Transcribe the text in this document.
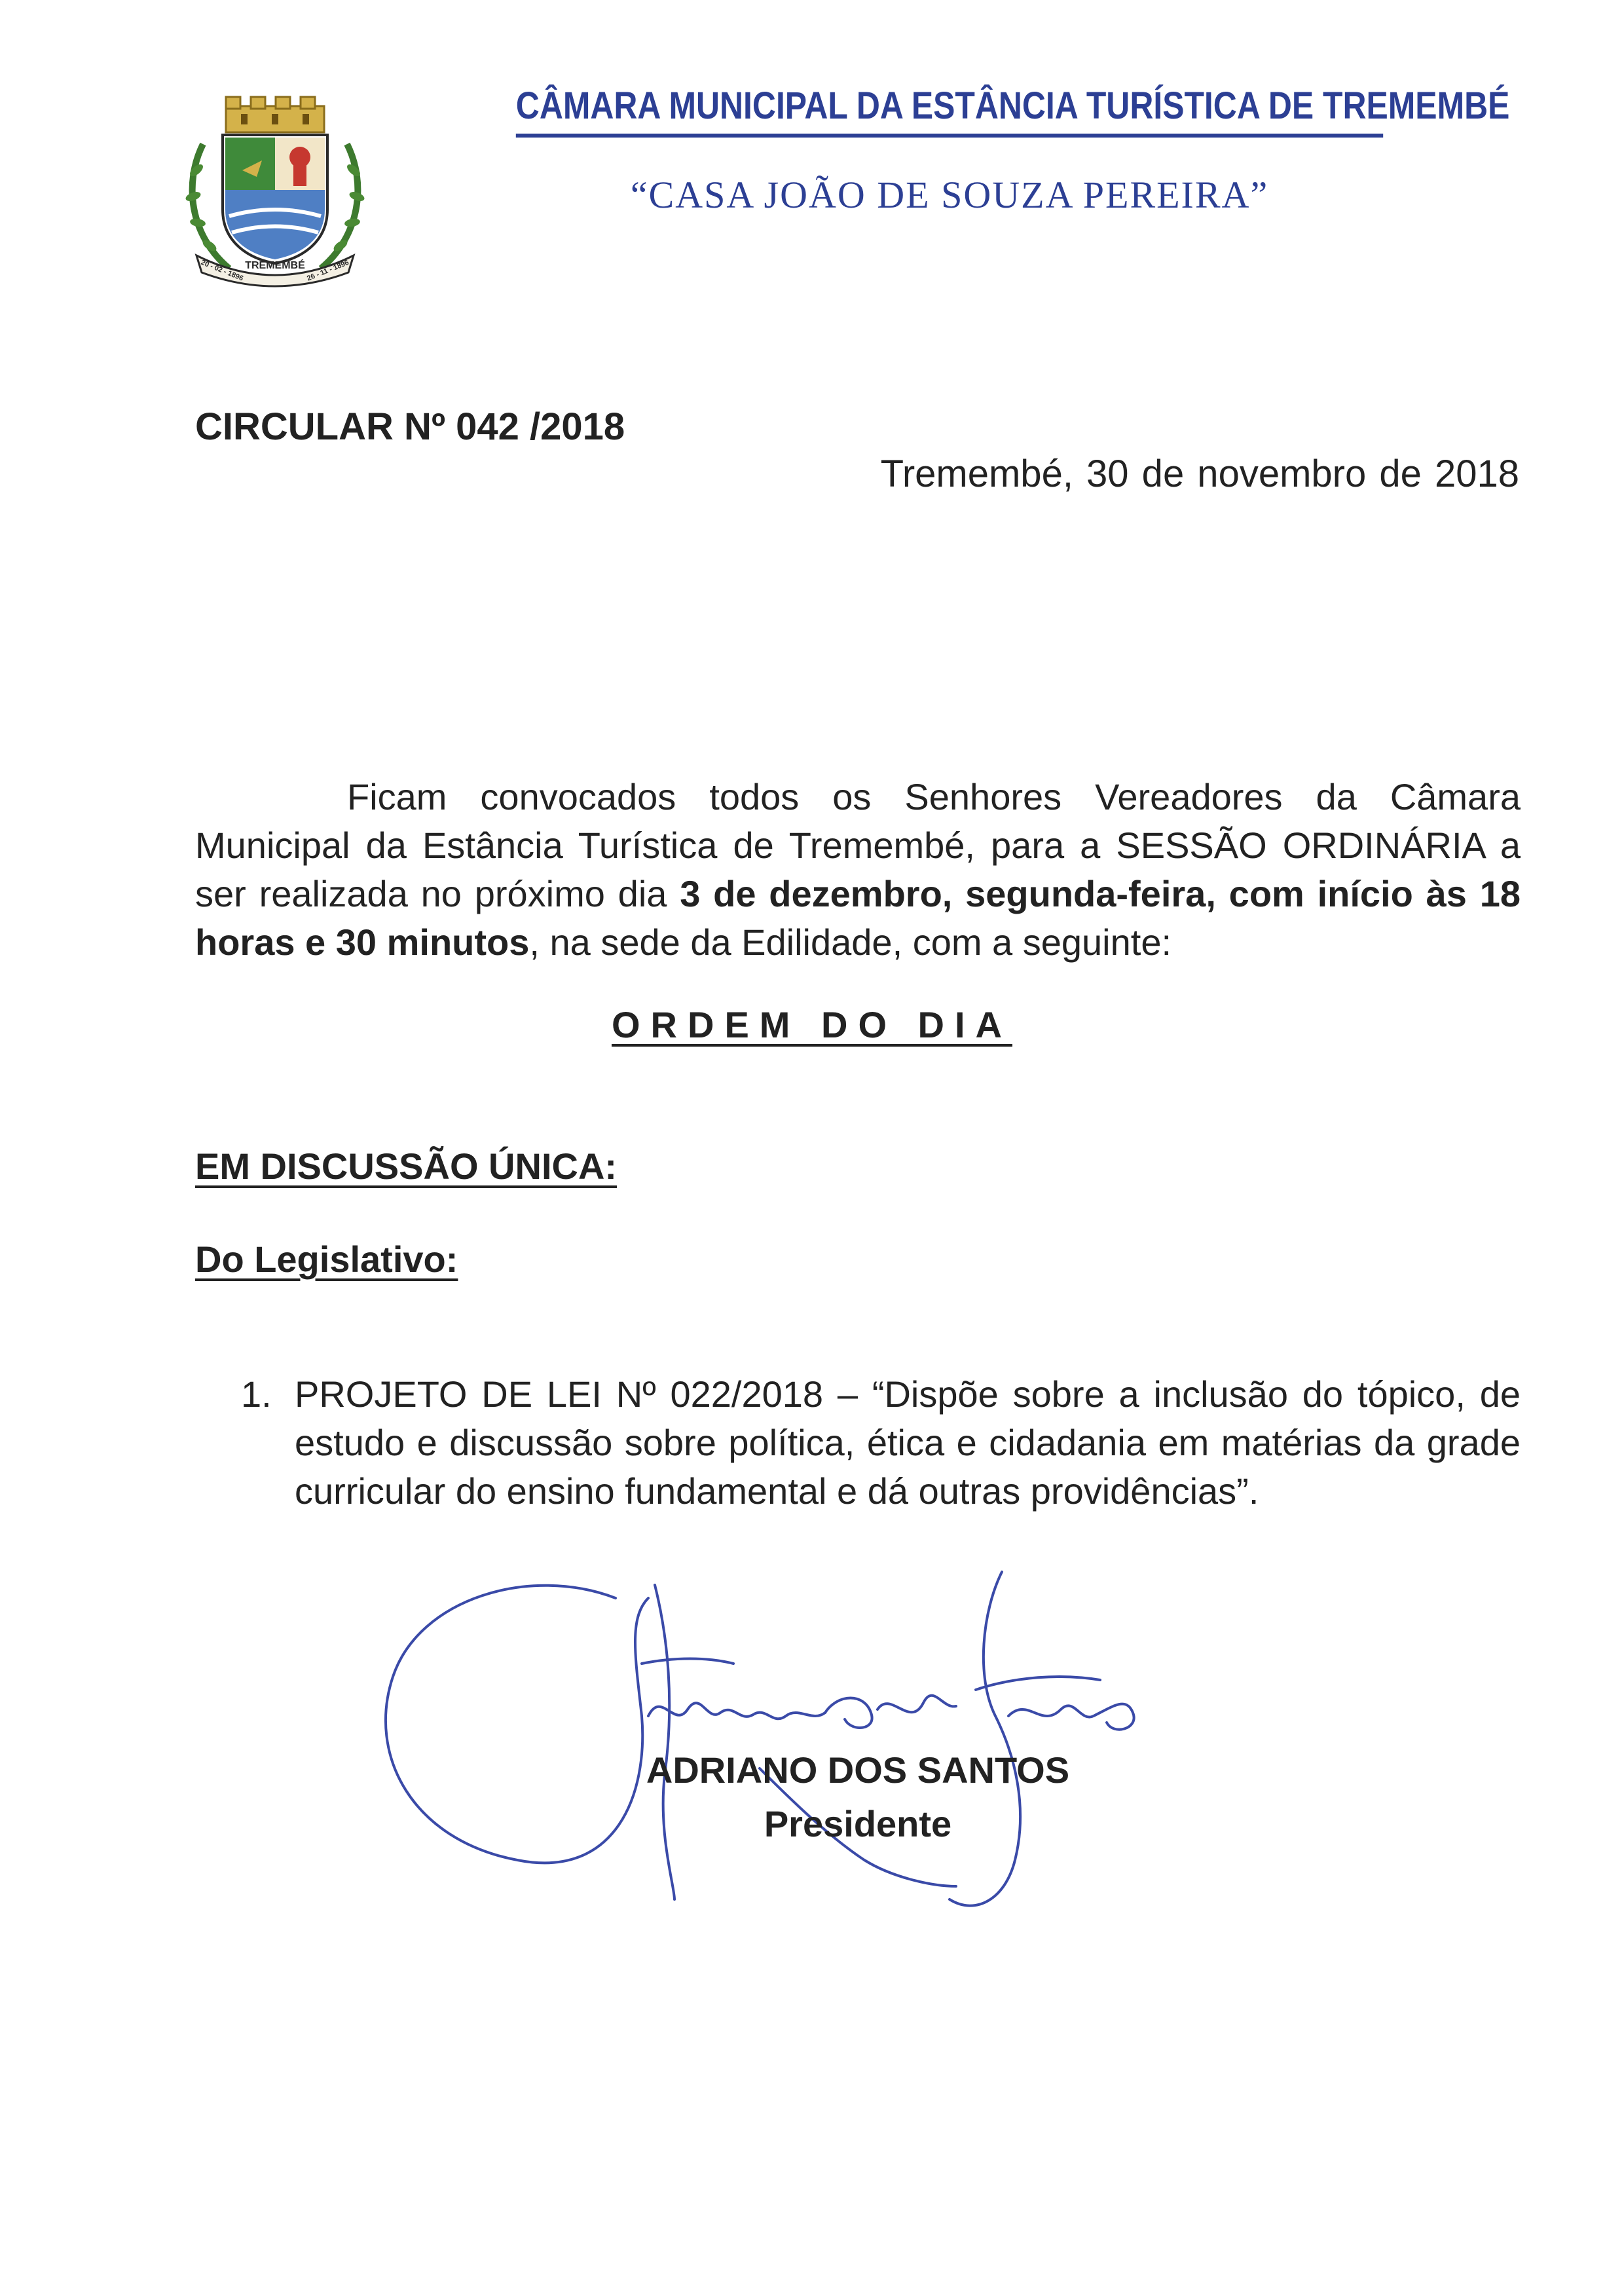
TREMEMBÉ
20 - 02 - 1896	26 - 11 - 1896
CÂMARA MUNICIPAL DA ESTÂNCIA TURÍSTICA DE TREMEMBÉ
“CASA JOÃO DE SOUZA PEREIRA”
CIRCULAR Nº 042 /2018
Tremembé, 30 de novembro de 2018
Ficam convocados todos os Senhores Vereadores da Câmara Municipal da Estância Turística de Tremembé, para a SESSÃO ORDINÁRIA a ser realizada no próximo dia 3 de dezembro, segunda-feira, com início às 18 horas e 30 minutos, na sede da Edilidade, com a seguinte:
ORDEM DO DIA
EM DISCUSSÃO ÚNICA:
Do Legislativo:
1. PROJETO DE LEI Nº 022/2018 – “Dispõe sobre a inclusão do tópico, de estudo e discussão sobre política, ética e cidadania em matérias da grade curricular do ensino fundamental e dá outras providências”.
ADRIANO DOS SANTOS
Presidente
